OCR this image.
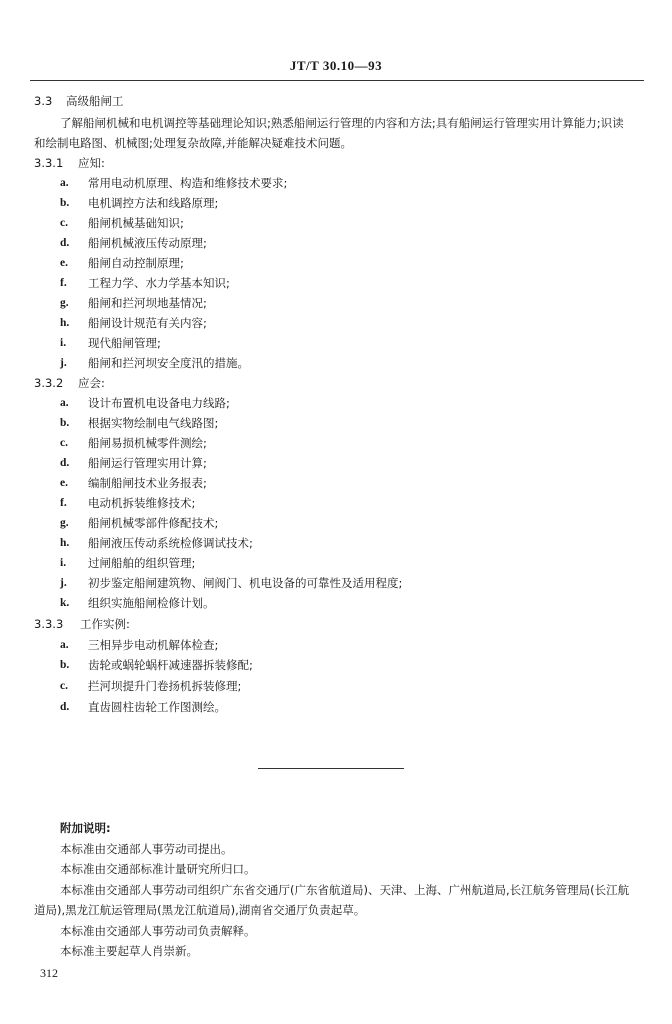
JT/T 30.10—93
3.3 高级船闸工
了解船闸机械和电机调控等基础理论知识;熟悉船闸运行管理的内容和方法;具有船闸运行管理实用计算能力;识读和绘制电路图、机械图;处理复杂故障,并能解决疑难技术问题。
3.3.1 应知:
a. 常用电动机原理、构造和维修技术要求;
b. 电机调控方法和线路原理;
c. 船闸机械基础知识;
d. 船闸机械液压传动原理;
e. 船闸自动控制原理;
f. 工程力学、水力学基本知识;
g. 船闸和拦河坝地基情况;
h. 船闸设计规范有关内容;
i. 现代船闸管理;
j. 船闸和拦河坝安全度汛的措施。
3.3.2 应会:
a. 设计布置机电设备电力线路;
b. 根据实物绘制电气线路图;
c. 船闸易损机械零件测绘;
d. 船闸运行管理实用计算;
e. 编制船闸技术业务报表;
f. 电动机拆装维修技术;
g. 船闸机械零部件修配技术;
h. 船闸液压传动系统检修调试技术;
i. 过闸船舶的组织管理;
j. 初步鉴定船闸建筑物、闸阀门、机电设备的可靠性及适用程度;
k. 组织实施船闸检修计划。
3.3.3 工作实例:
a. 三相异步电动机解体检查;
b. 齿轮或蜗轮蜗杆减速器拆装修配;
c. 拦河坝提升门卷扬机拆装修理;
d. 直齿圆柱齿轮工作图测绘。
附加说明:
本标准由交通部人事劳动司提出。
本标准由交通部标准计量研究所归口。
本标准由交通部人事劳动司组织广东省交通厅(广东省航道局)、天津、上海、广州航道局,长江航务管理局(长江航道局),黑龙江航运管理局(黑龙江航道局),湖南省交通厅负责起草。
本标准由交通部人事劳动司负责解释。
本标准主要起草人肖崇新。
312
